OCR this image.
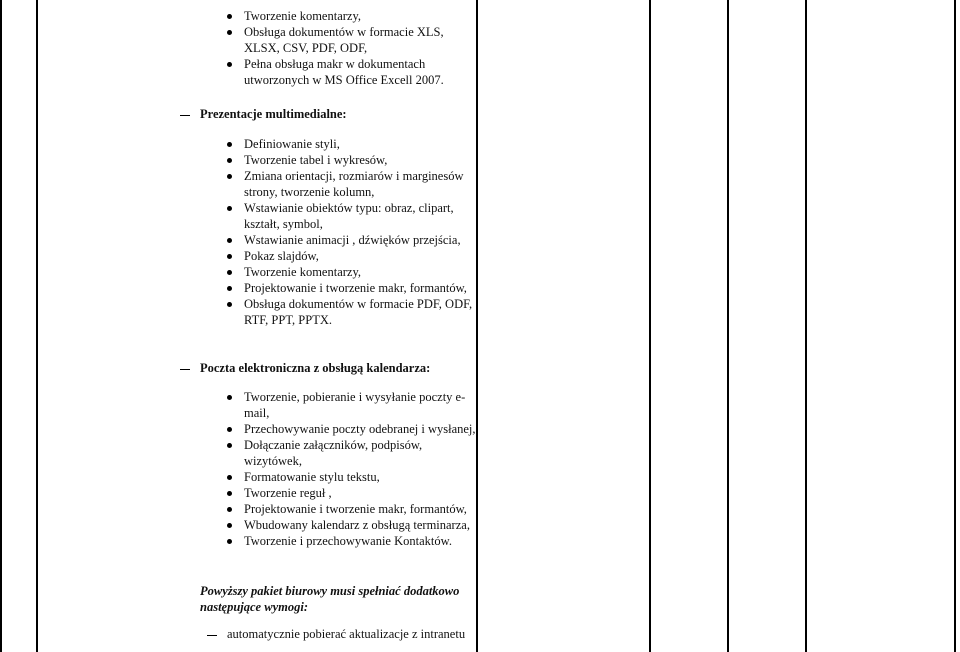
Tworzenie komentarzy,
Obsługa dokumentów w formacie XLS,
XLSX, CSV, PDF, ODF,
Pełna obsługa makr w dokumentach
utworzonych w MS Office Excell 2007.
Prezentacje multimedialne:
Definiowanie styli,
Tworzenie tabel i wykresów,
Zmiana orientacji, rozmiarów i marginesów
strony, tworzenie kolumn,
Wstawianie obiektów typu: obraz, clipart,
kształt, symbol,
Wstawianie animacji , dźwięków przejścia,
Pokaz slajdów,
Tworzenie komentarzy,
Projektowanie i tworzenie makr, formantów,
Obsługa dokumentów w formacie PDF, ODF,
RTF, PPT, PPTX.
Poczta elektroniczna z obsługą kalendarza:
Tworzenie, pobieranie i wysyłanie poczty e-
mail,
Przechowywanie poczty odebranej i wysłanej,
Dołączanie załączników, podpisów,
wizytówek,
Formatowanie stylu tekstu,
Tworzenie reguł ,
Projektowanie i tworzenie makr, formantów,
Wbudowany kalendarz z obsługą terminarza,
Tworzenie i przechowywanie Kontaktów.
Powyższy pakiet biurowy musi spełniać dodatkowo
następujące wymogi:
automatycznie pobierać aktualizacje z intranetu
